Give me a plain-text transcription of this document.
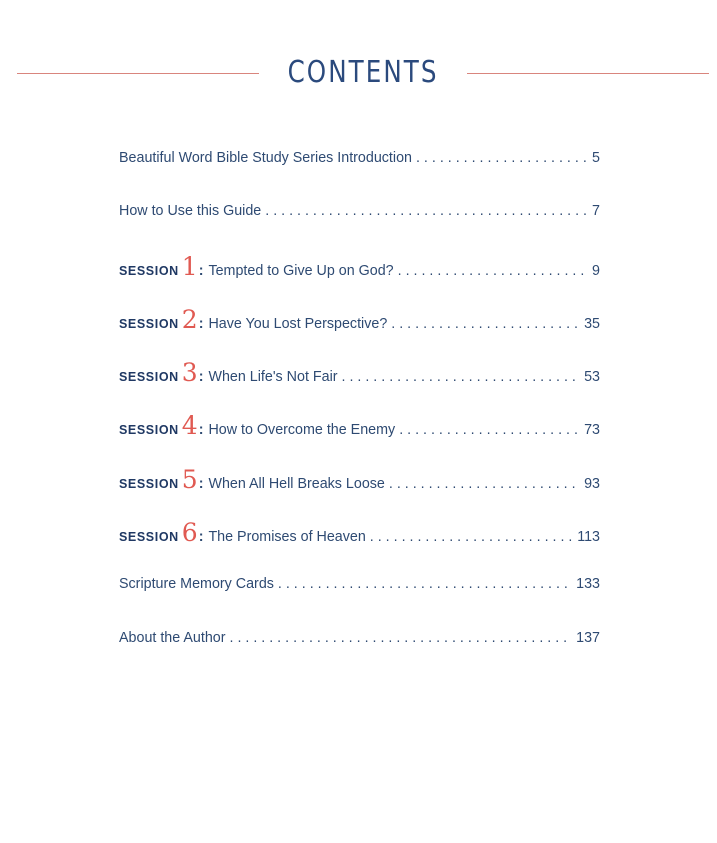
CONTENTS
Beautiful Word Bible Study Series Introduction . . .	5
How to Use this Guide . . .	7
SESSION 1 : Tempted to Give Up on God? . . .	9
SESSION 2 : Have You Lost Perspective? . . .	35
SESSION 3 : When Life's Not Fair . . .	53
SESSION 4 : How to Overcome the Enemy . . .	73
SESSION 5 : When All Hell Breaks Loose . . .	93
SESSION 6 : The Promises of Heaven . . .	113
Scripture Memory Cards . . .	133
About the Author . . .	137
